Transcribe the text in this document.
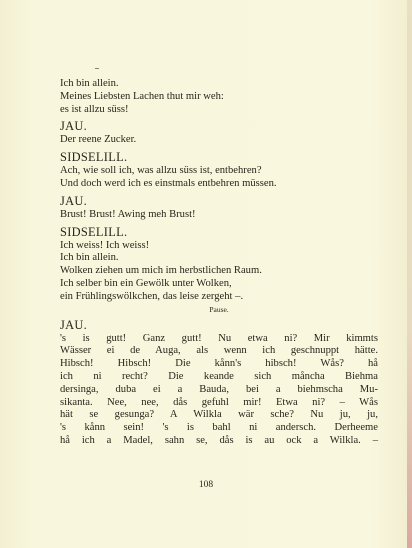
Ich bin allein.
Meines Liebsten Lachen thut mir weh:
es ist allzu süss!
JAU.
Der reene Zucker.
SIDSELILL.
Ach, wie soll ich, was allzu süss ist, entbehren?
Und doch werd ich es einstmals entbehren müssen.
JAU.
Brust! Brust! Awing meh Brust!
SIDSELILL.
Ich weiss! Ich weiss!
Ich bin allein.
Wolken ziehen um mich im herbstlichen Raum.
Ich selber bin ein Gewölk unter Wolken,
ein Frühlingswölkchen, das leise zergeht –.
Pause.
JAU.
's is gutt! Ganz gutt! Nu etwa ni? Mir kimmts
Wässer ei de Auga, als wenn ich geschnuppt hätte.
Hibsch! Hibsch! Die kånn's hibsch! Wås? hå
ich ni recht? Die keande sich måncha Biehma
dersinga, duba ei a Bauda, bei a biehmscha Mu-
sikanta. Nee, nee, dås gefuhl mir! Etwa ni? – Wås
hät se gesunga? A Wilkla wär sche? Nu ju, ju,
's kånn sein! 's is bahl ni andersch. Derheeme
hå ich a Madel, sahn se, dås is au ock a Wilkla. –
108
